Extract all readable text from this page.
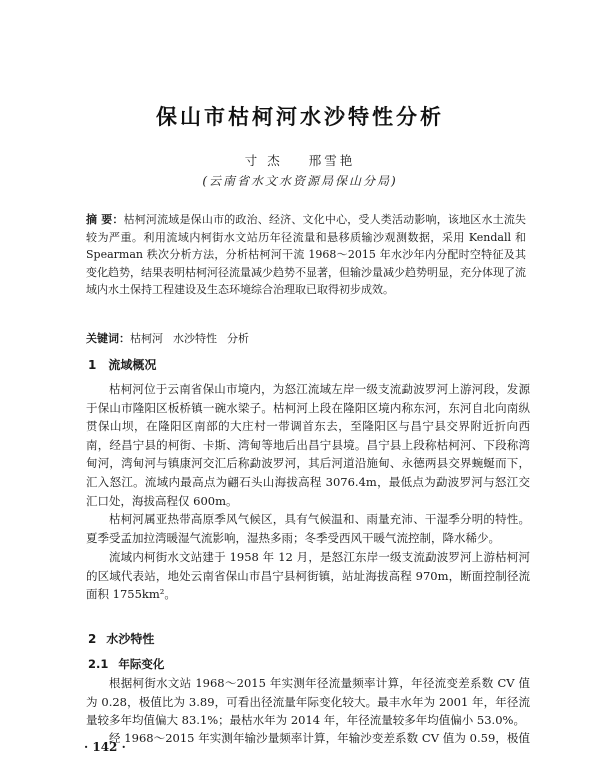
保山市枯柯河水沙特性分析
寸 杰 邢雪艳
(云南省水文水资源局保山分局)
摘 要：枯柯河流域是保山市的政治、经济、文化中心，受人类活动影响，该地区水土流失较为严重。利用流域内柯街水文站历年径流量和悬移质输沙观测数据，采用 Kendall 和 Spearman 秩次分析方法，分析枯柯河干流 1968～2015 年水沙年内分配时空特征及其变化趋势，结果表明枯柯河径流量减少趋势不显著，但输沙量减少趋势明显，充分体现了流域内水土保持工程建设及生态环境综合治理取已取得初步成效。
关键词：枯柯河 水沙特性 分析
1 流域概况

枯柯河位于云南省保山市境内，为怒江流域左岸一级支流勐波罗河上游河段，发源于保山市隆阳区板桥镇一碗水梁子。枯柯河上段在隆阳区境内称东河，东河自北向南纵贯保山坝，在隆阳区南部的大庄村一带调首东去，至隆阳区与昌宁县交界附近折向西南，经昌宁县的柯街、卡斯、湾甸等地后出昌宁县境。昌宁县上段称枯柯河、下段称湾甸河，湾甸河与镇康河交汇后称勐波罗河，其后河道沿施甸、永德两县交界蜿蜒而下，汇入怒江。流域内最高点为翩石头山海拔高程 3076.4m，最低点为勐波罗河与怒江交汇口处，海拔高程仅 600m。

枯柯河属亚热带高原季风气候区，具有气候温和、雨量充沛、干湿季分明的特性。夏季受孟加拉湾暖湿气流影响，湿热多雨；冬季受西风干暖气流控制，降水稀少。

流域内柯街水文站建于 1958 年 12 月，是怒江东岸一级支流勐波罗河上游枯柯河的区域代表站，地处云南省保山市昌宁县柯街镇，站址海拔高程 970m，断面控制径流面积 1755km²。

2 水沙特性
2.1 年际变化

根据柯街水文站 1968～2015 年实测年径流量频率计算，年径流变差系数 CV 值为 0.28，极值比为 3.89，可看出径流量年际变化较大。最丰水年为 2001 年，年径流量较多年均值偏大 83.1%；最枯水年为 2014 年，年径流量较多年均值偏小 53.0%。

经 1968～2015 年实测年输沙量频率计算，年输沙变差系数 CV 值为 0.59，极值

· 142 ·
